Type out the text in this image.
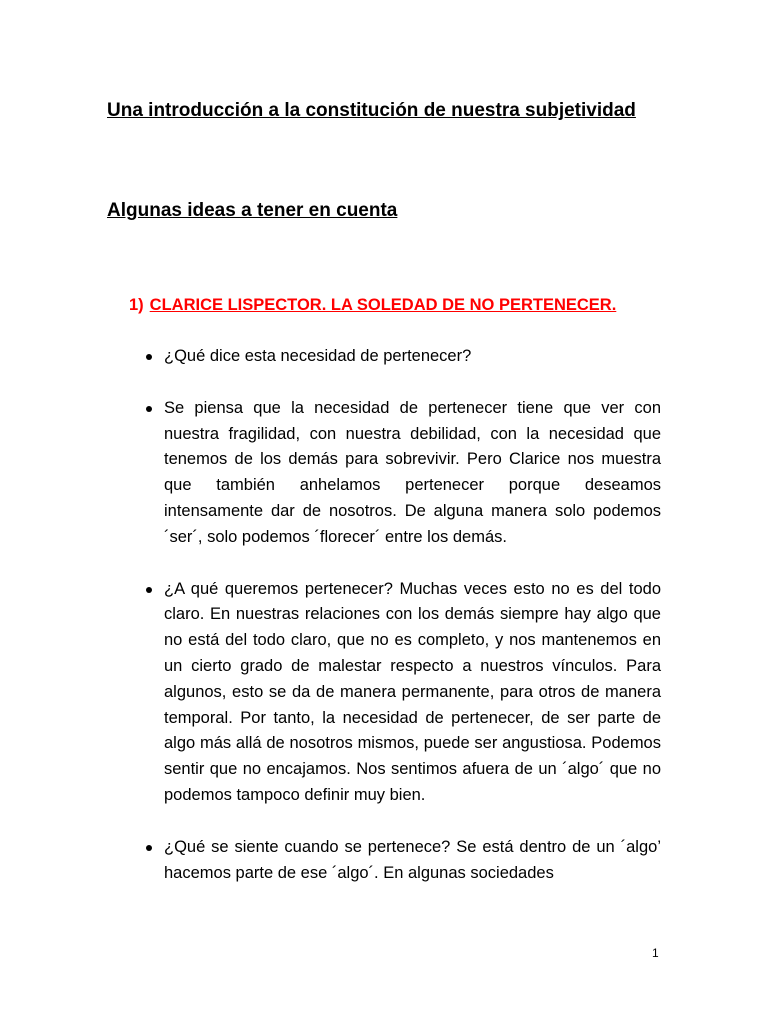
Una introducción a la constitución de nuestra subjetividad
Algunas ideas a tener en cuenta
1) CLARICE LISPECTOR. LA SOLEDAD DE NO PERTENECER.
¿Qué dice esta necesidad de pertenecer?
Se piensa que la necesidad de pertenecer tiene que ver con nuestra fragilidad, con nuestra debilidad, con la necesidad que tenemos de los demás para sobrevivir. Pero Clarice nos muestra que también anhelamos pertenecer porque deseamos intensamente dar de nosotros. De alguna manera solo podemos ´ser´, solo podemos ´florecer´ entre los demás.
¿A qué queremos pertenecer? Muchas veces esto no es del todo claro. En nuestras relaciones con los demás siempre hay algo que no está del todo claro, que no es completo, y nos mantenemos en un cierto grado de malestar respecto a nuestros vínculos. Para algunos, esto se da de manera permanente, para otros de manera temporal. Por tanto, la necesidad de pertenecer, de ser parte de algo más allá de nosotros mismos, puede ser angustiosa. Podemos sentir que no encajamos. Nos sentimos afuera de un ´algo´ que no podemos tampoco definir muy bien.
¿Qué se siente cuando se pertenece? Se está dentro de un ´algo’ hacemos parte de ese ´algo´. En algunas sociedades
1
